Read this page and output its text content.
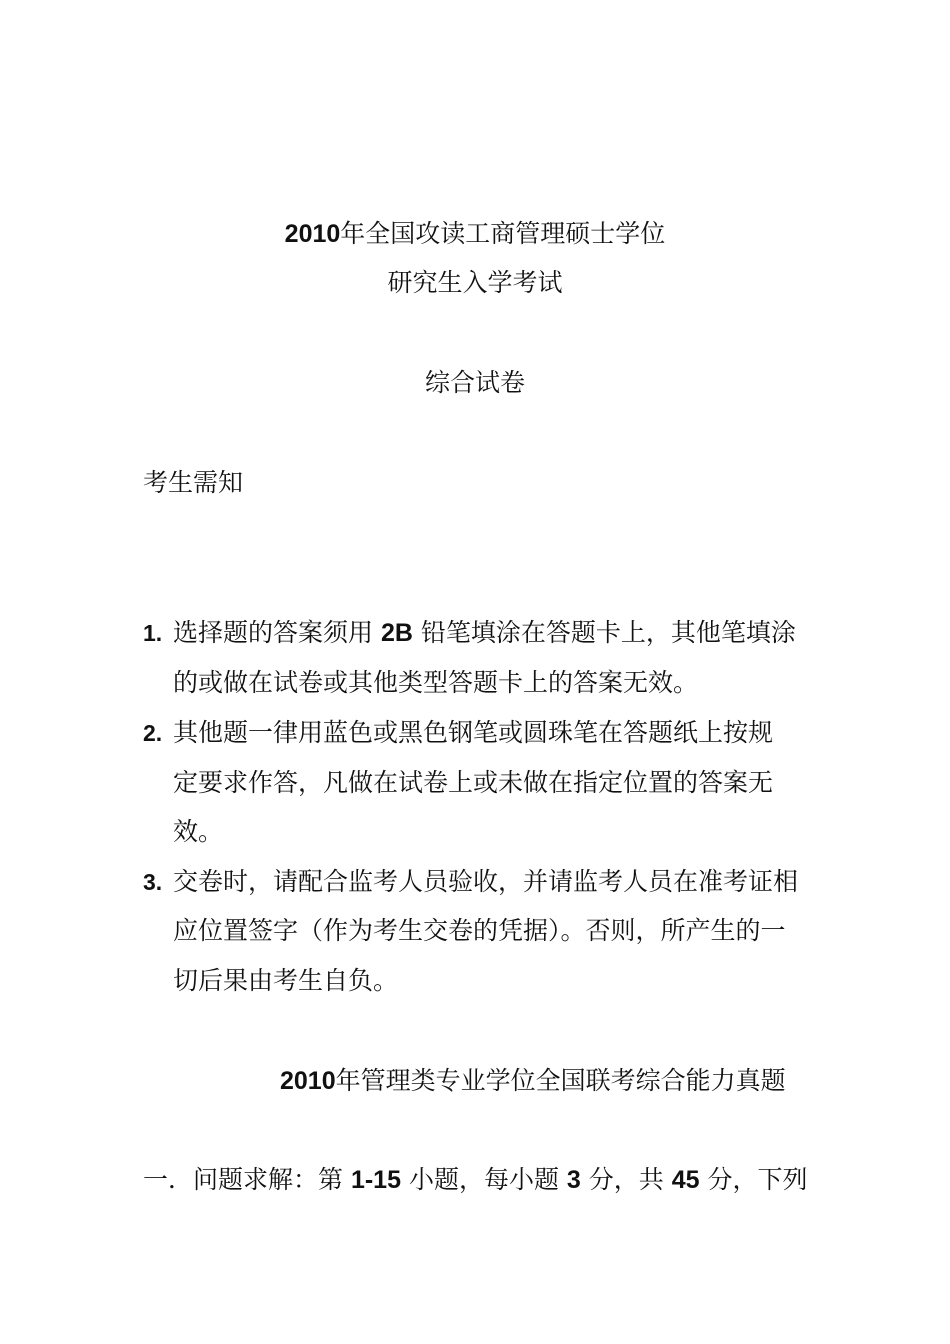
2010年全国攻读工商管理硕士学位
研究生入学考试
综合试卷
考生需知
1. 选择题的答案须用 2B 铅笔填涂在答题卡上，其他笔填涂
的或做在试卷或其他类型答题卡上的答案无效。
2. 其他题一律用蓝色或黑色钢笔或圆珠笔在答题纸上按规
定要求作答，凡做在试卷上或未做在指定位置的答案无
效。
3. 交卷时，请配合监考人员验收，并请监考人员在准考证相
应位置签字（作为考生交卷的凭据）。否则，所产生的一
切后果由考生自负。
2010年管理类专业学位全国联考综合能力真题
一．问题求解：第 1-15 小题，每小题 3 分，共 45 分，下列
